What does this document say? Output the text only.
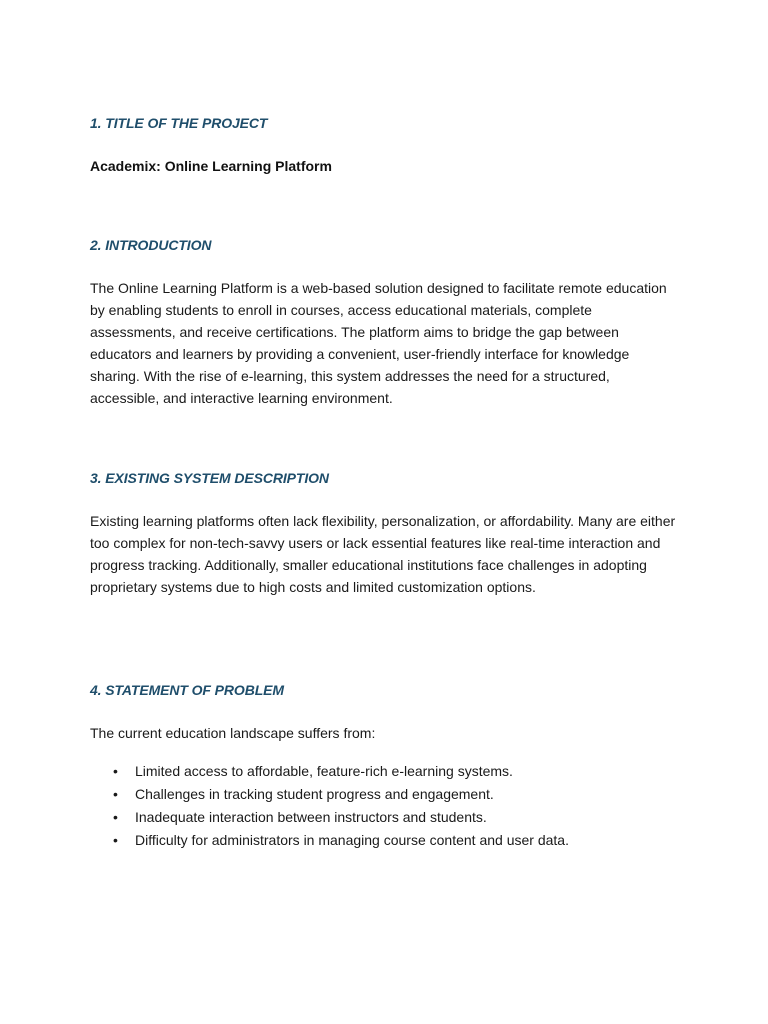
1. TITLE OF THE PROJECT

Academix: Online Learning Platform

2. INTRODUCTION

The Online Learning Platform is a web-based solution designed to facilitate remote education by enabling students to enroll in courses, access educational materials, complete assessments, and receive certifications. The platform aims to bridge the gap between educators and learners by providing a convenient, user-friendly interface for knowledge sharing. With the rise of e-learning, this system addresses the need for a structured, accessible, and interactive learning environment.

3. EXISTING SYSTEM DESCRIPTION

Existing learning platforms often lack flexibility, personalization, or affordability. Many are either too complex for non-tech-savvy users or lack essential features like real-time interaction and progress tracking. Additionally, smaller educational institutions face challenges in adopting proprietary systems due to high costs and limited customization options.

4. STATEMENT OF PROBLEM

The current education landscape suffers from:

• Limited access to affordable, feature-rich e-learning systems.
• Challenges in tracking student progress and engagement.
• Inadequate interaction between instructors and students.
• Difficulty for administrators in managing course content and user data.
